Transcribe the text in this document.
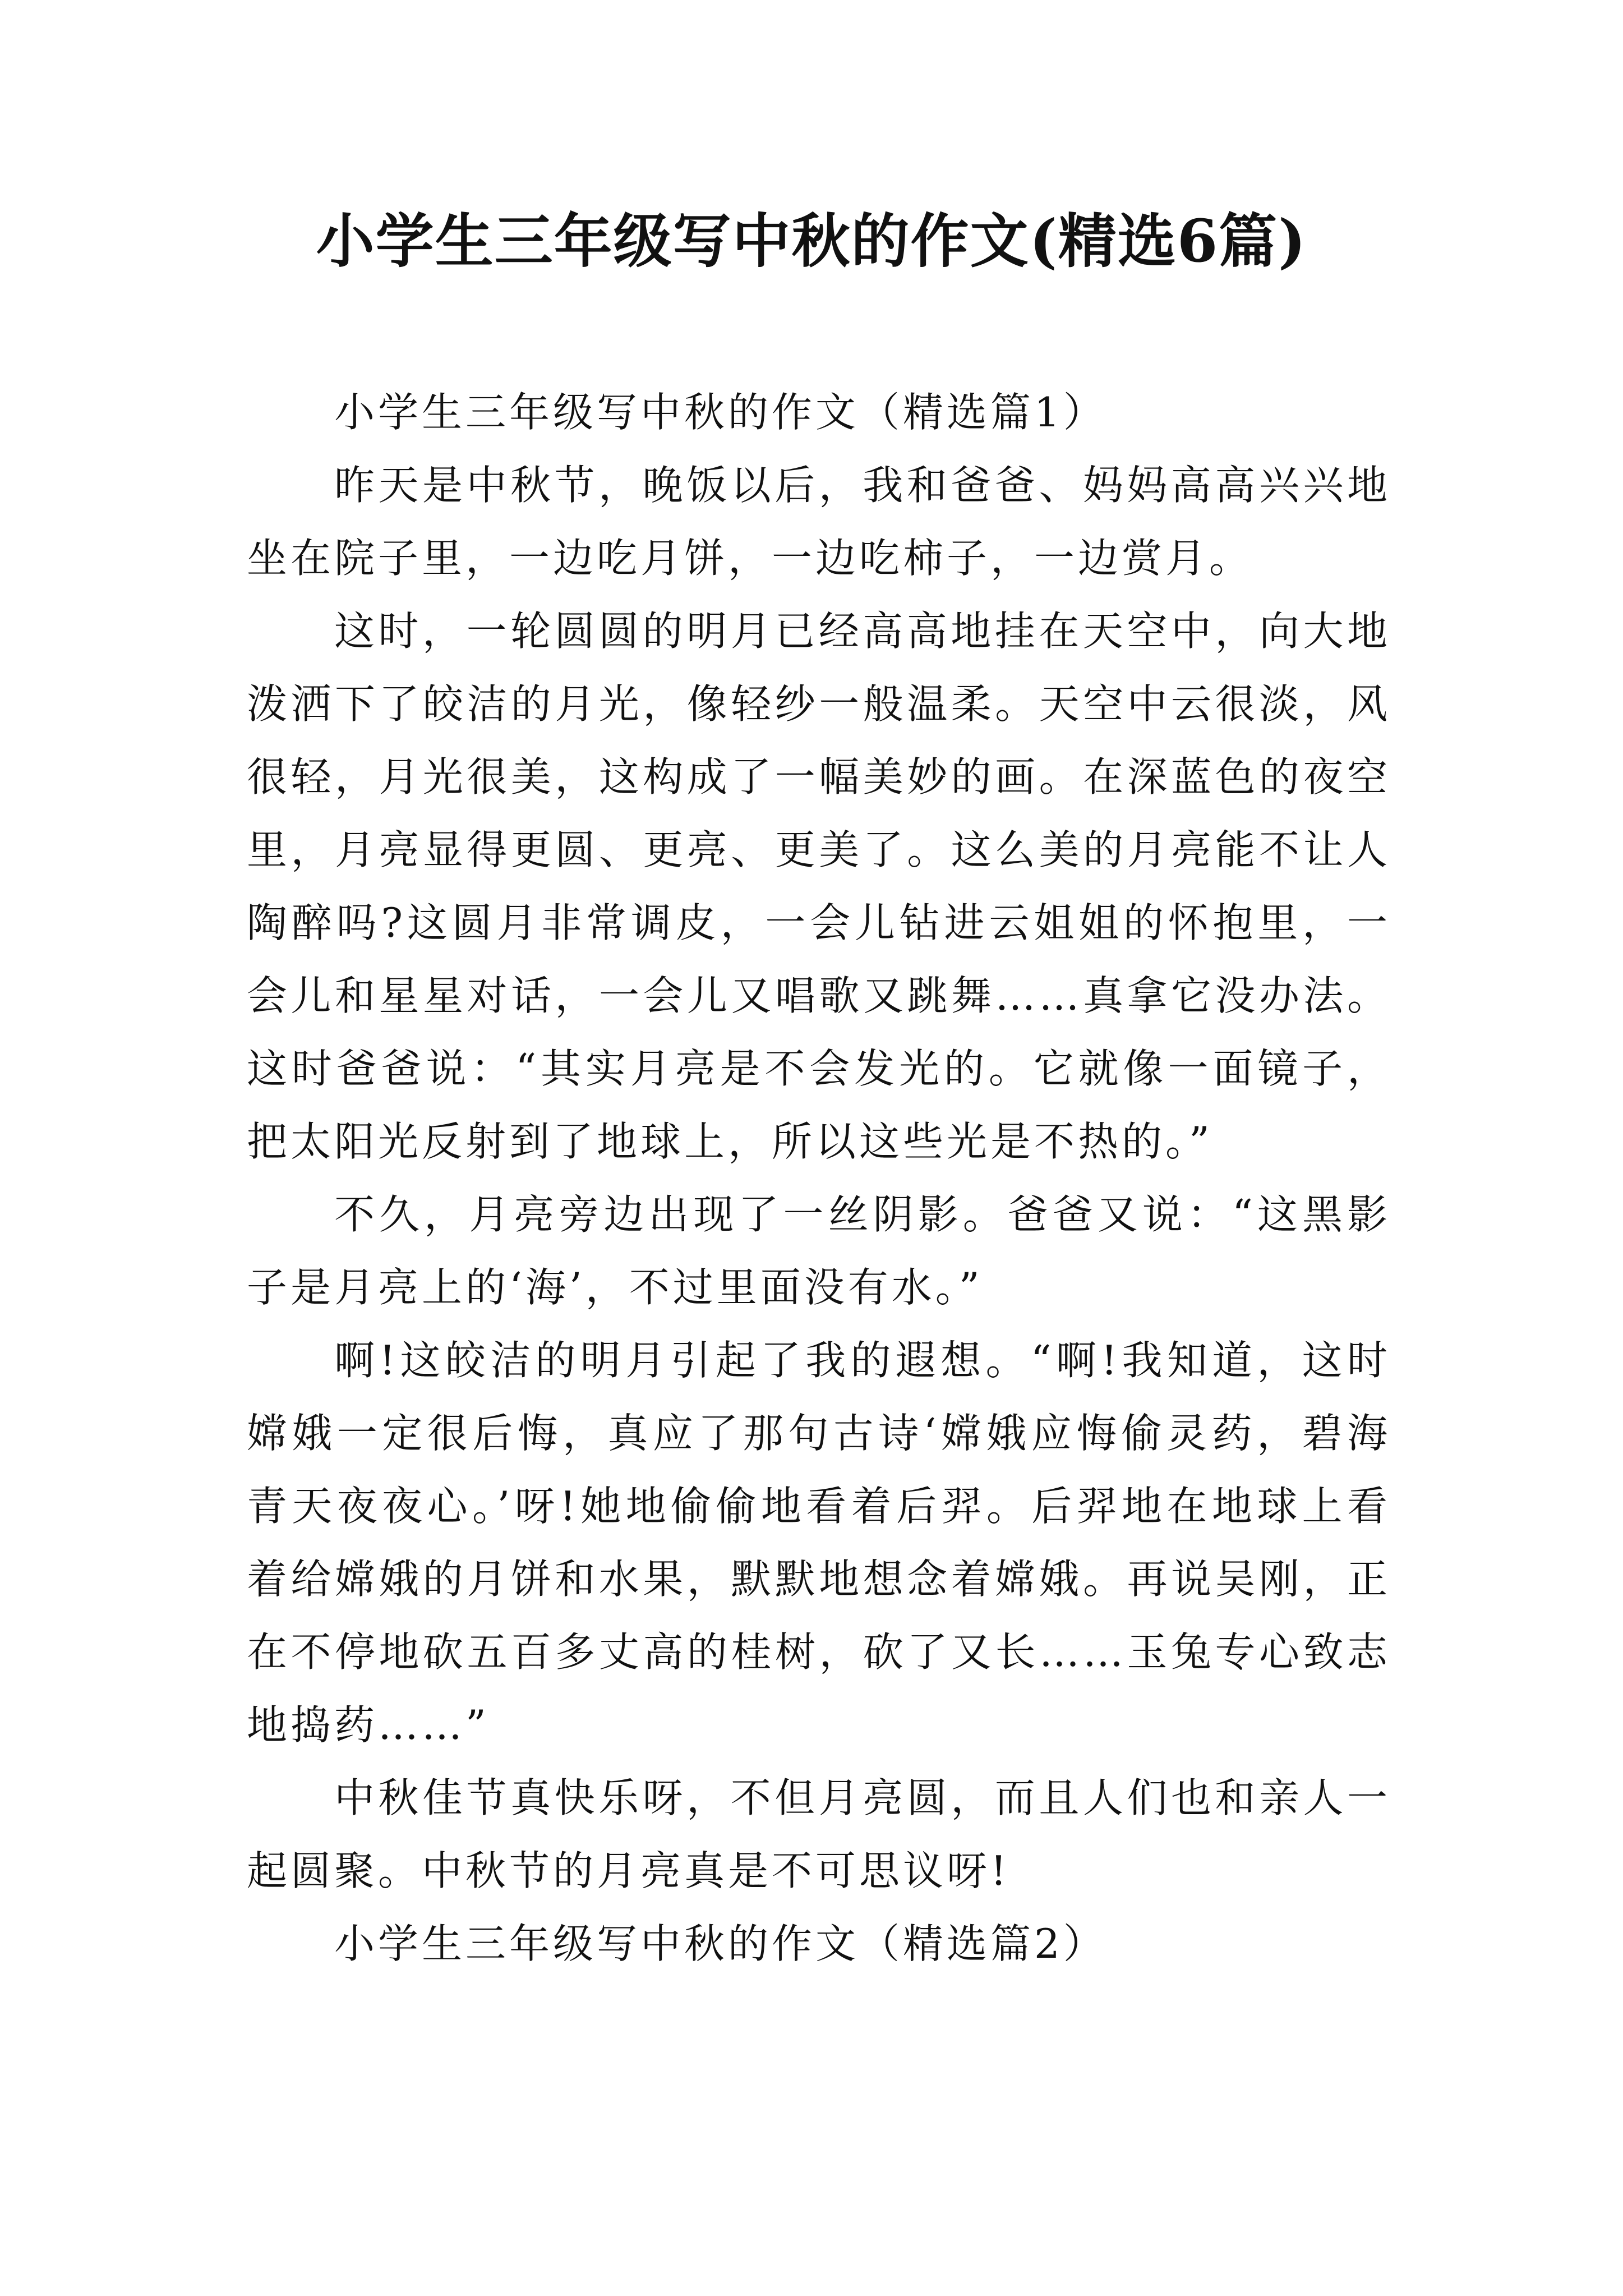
小学生三年级写中秋的作文(精选6篇)
小学生三年级写中秋的作文（精选篇1）

昨天是中秋节，晚饭以后，我和爸爸、妈妈高高兴兴地坐在院子里，一边吃月饼，一边吃柿子，一边赏月。

这时，一轮圆圆的明月已经高高地挂在天空中，向大地泼洒下了皎洁的月光，像轻纱一般温柔。天空中云很淡，风很轻，月光很美，这构成了一幅美妙的画。在深蓝色的夜空里，月亮显得更圆、更亮、更美了。这么美的月亮能不让人陶醉吗?这圆月非常调皮，一会儿钻进云姐姐的怀抱里，一会儿和星星对话，一会儿又唱歌又跳舞……真拿它没办法。这时爸爸说：“其实月亮是不会发光的。它就像一面镜子，把太阳光反射到了地球上，所以这些光是不热的。”

不久，月亮旁边出现了一丝阴影。爸爸又说：“这黑影子是月亮上的‘海’，不过里面没有水。”

啊!这皎洁的明月引起了我的遐想。“啊!我知道，这时嫦娥一定很后悔，真应了那句古诗‘嫦娥应悔偷灵药，碧海青天夜夜心。’呀!她地偷偷地看着后羿。后羿地在地球上看着给嫦娥的月饼和水果，默默地想念着嫦娥。再说吴刚，正在不停地砍五百多丈高的桂树，砍了又长……玉兔专心致志地捣药……”

中秋佳节真快乐呀，不但月亮圆，而且人们也和亲人一起圆聚。中秋节的月亮真是不可思议呀!

小学生三年级写中秋的作文（精选篇2）
